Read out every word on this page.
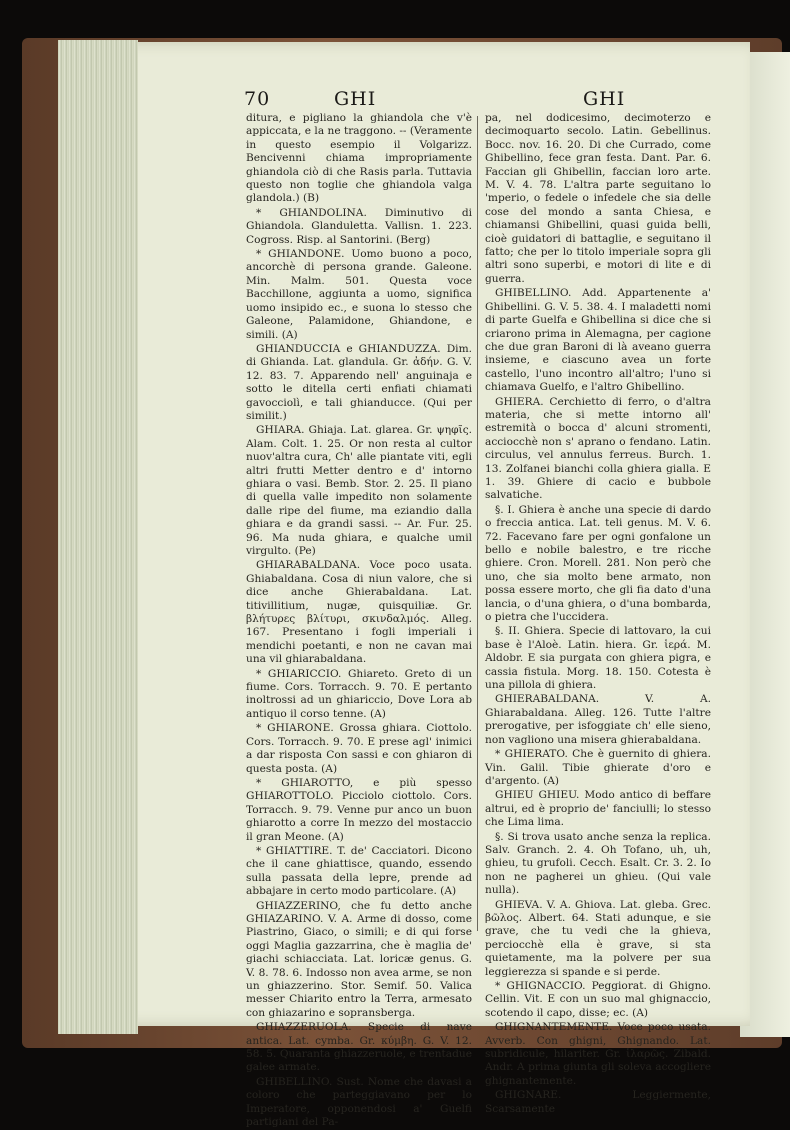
70	GHI	GHI

ditura, e pigliano la ghiandola che v'è appiccata, e la ne traggono. -- (Veramente in questo esempio il Volgarizz. Bencivenni chiama impropriamente ghiandola ciò di che Rasis parla. Tuttavia questo non toglie che ghiandola valga glandola.) (B)

* GHIANDOLINA. Diminutivo di Ghiandola. Glanduletta. Vallisn. 1. 223. Cogross. Risp. al Santorini. (Berg)

* GHIANDONE. Uomo buono a poco, ancorchè di persona grande. Galeone. Min. Malm. 501. Questa voce Bacchillone, aggiunta a uomo, significa uomo insipido ec., e suona lo stesso che Galeone, Palamidone, Ghiandone, e simili. (A)

GHIANDUCCIA e GHIANDUZZA. Dim. di Ghianda. Lat. glandula. Gr. ἀδήν. G. V. 12. 83. 7. Apparendo nell' anguinaja e sotto le ditella certi enfiati chiamati gavocciolì, e tali ghianducce. (Qui per similit.)

GHIARA. Ghiaja. Lat. glarea. Gr. ψηφῖς. Alam. Colt. 1. 25. Or non resta al cultor nuov'altra cura, Ch' alle piantate viti, egli altri frutti Metter dentro e d' intorno ghiara o vasi. Bemb. Stor. 2. 25. Il piano di quella valle impedito non solamente dalle ripe del fiume, ma eziandio dalla ghiara e da grandi sassi. -- Ar. Fur. 25. 96. Ma nuda ghiara, e qualche umil virgulto. (Pe)

GHIARABALDANA. Voce poco usata. Ghiabaldana. Cosa di niun valore, che si dice anche Ghierabaldana. Lat. titivillitium, nugæ, quisquiliæ. Gr. βλήτυρες βλίτυρι, σκινδαλμός. Alleg. 167. Presentano i fogli imperiali i mendichi poetanti, e non ne cavan mai una vil ghiarabaldana.

* GHIARICCIO. Ghiareto. Greto di un fiume. Cors. Torracch. 9. 70. E pertanto inoltrossi ad un ghiariccio, Dove Lora ab antiquo il corso tenne. (A)

* GHIARONE. Grossa ghiara. Ciottolo. Cors. Torracch. 9. 70. E prese agl' inimici a dar risposta Con sassi e con ghiaron di questa posta. (A)

* GHIAROTTO, e più spesso GHIAROTTOLO. Picciolo ciottolo. Cors. Torracch. 9. 79. Venne pur anco un buon ghiarotto a corre In mezzo del mostaccio il gran Meone. (A)

* GHIATTIRE. T. de' Cacciatori. Dicono che il cane ghiattisce, quando, essendo sulla passata della lepre, prende ad abbajare in certo modo particolare. (A)

GHIAZZERINO, che fu detto anche GHIAZARINO. V. A. Arme di dosso, come Piastrino, Giaco, o simili; e di qui forse oggi Maglia gazzarrina, che è maglia de' giachi schiacciata. Lat. loricæ genus. G. V. 8. 78. 6. Indosso non avea arme, se non un ghiazzerino. Stor. Semif. 50. Valica messer Chiarito entro la Terra, armesato con ghiazarino e sopransberga.

GHIAZZERUOLA. Specie di nave antica. Lat. cymba. Gr. κύμβη. G. V. 12. 58. 5. Quaranta ghiazzeruole, e trentadue galee armate.

GHIBELLINO. Sust. Nome che davasi a coloro che parteggiavano per lo Imperatore, opponendosi a' Guelfi partigiani del Pa-

pa, nel dodicesimo, decimoterzo e decimoquarto secolo. Latin. Gebellinus. Bocc. nov. 16. 20. Di che Currado, come Ghibellino, fece gran festa. Dant. Par. 6. Faccian gli Ghibellin, faccian loro arte. M. V. 4. 78. L'altra parte seguitano lo 'mperio, o fedele o infedele che sia delle cose del mondo a santa Chiesa, e chiamansi Ghibellini, quasi guida belli, cioè guidatori di battaglie, e seguitano il fatto; che per lo titolo imperiale sopra gli altri sono superbi, e motori di lite e di guerra.

GHIBELLINO. Add. Appartenente a' Ghibellini. G. V. 5. 38. 4. I maladetti nomi di parte Guelfa e Ghibellina si dice che si criarono prima in Alemagna, per cagione che due gran Baroni di là aveano guerra insieme, e ciascuno avea un forte castello, l'uno incontro all'altro; l'uno si chiamava Guelfo, e l'altro Ghibellino.

GHIERA. Cerchietto di ferro, o d'altra materia, che si mette intorno all' estremità o bocca d' alcuni stromenti, acciocchè non s' aprano o fendano. Latin. circulus, vel annulus ferreus. Burch. 1. 13. Zolfanei bianchi colla ghiera gialla. E 1. 39. Ghiere di cacio e bubbole salvatiche.

§. I. Ghiera è anche una specie di dardo o freccia antica. Lat. teli genus. M. V. 6. 72. Facevano fare per ogni gonfalone un bello e nobile balestro, e tre ricche ghiere. Cron. Morell. 281. Non però che uno, che sia molto bene armato, non possa essere morto, che gli fia dato d'una lancia, o d'una ghiera, o d'una bombarda, o pietra che l'uccidera.

§. II. Ghiera. Specie di lattovaro, la cui base è l'Aloè. Latin. hiera. Gr. ἱερά. M. Aldobr. E sia purgata con ghiera pigra, e cassia fistula. Morg. 18. 150. Cotesta è una pillola di ghiera.

GHIERABALDANA. V. A. Ghiarabaldana. Alleg. 126. Tutte l'altre prerogative, per isfoggiate ch' elle sieno, non vagliono una misera ghierabaldana.

* GHIERATO. Che è guernito di ghiera. Vin. Galil. Tibie ghierate d'oro e d'argento. (A)

GHIEU GHIEU. Modo antico di beffare altrui, ed è proprio de' fanciulli; lo stesso che Lima lima.

§. Si trova usato anche senza la replica. Salv. Granch. 2. 4. Oh Tofano, uh, uh, ghieu, tu grufoli. Cecch. Esalt. Cr. 3. 2. Io non ne pagherei un ghieu. (Qui vale nulla).

GHIEVA. V. A. Ghiova. Lat. gleba. Grec. βῶλος. Albert. 64. Stati adunque, e sie grave, che tu vedi che la ghieva, perciocchè ella è grave, si sta quietamente, ma la polvere per sua leggierezza si spande e si perde.

* GHIGNACCIO. Peggiorat. di Ghigno. Cellin. Vit. E con un suo mal ghignaccio, scotendo il capo, disse; ec. (A)

GHIGNANTEMENTE. Voce poco usata. Avverb. Con ghigni, Ghignando. Lat. subridicule, hilariter. Gr. ἱλαρῶς. Zibald. Andr. A prima giunta gli soleva accogliere ghignantemente.

GHIGNARE. Leggiermente, Scarsamente
